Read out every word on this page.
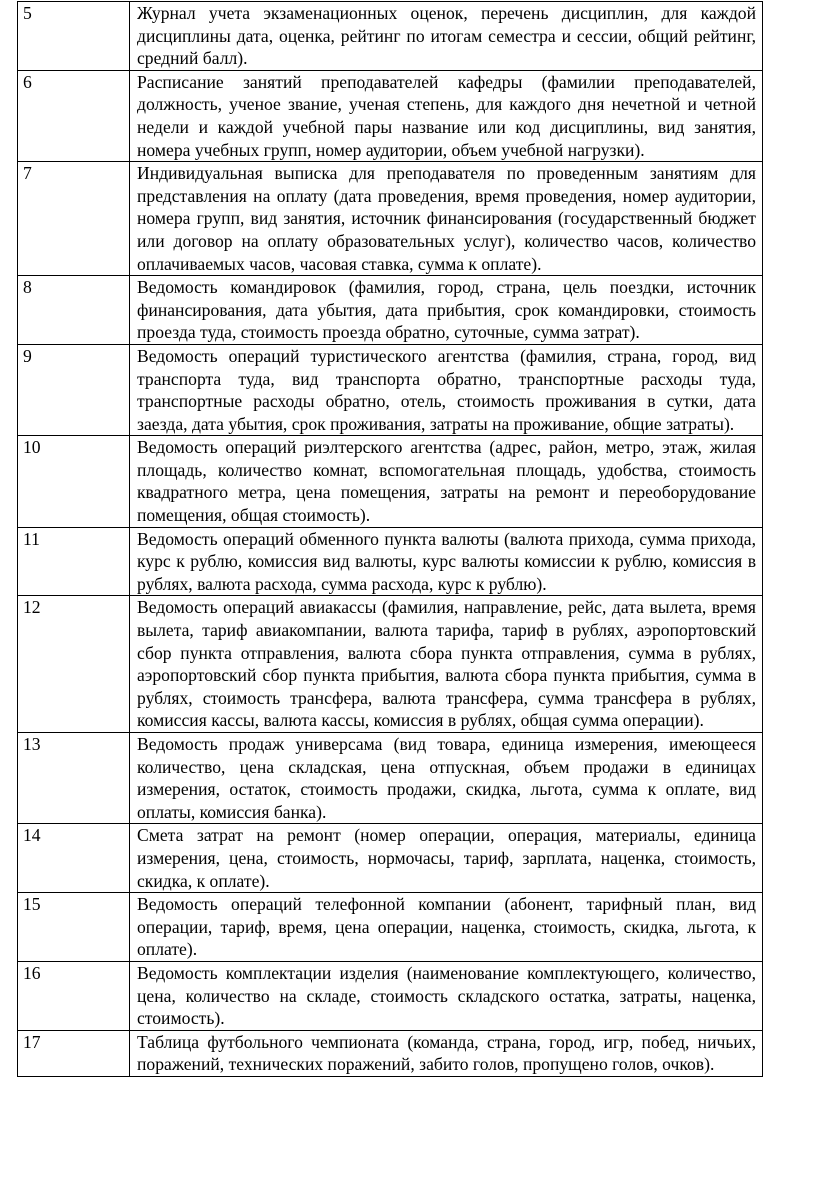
5	Журнал учета экзаменационных оценок, перечень дисциплин, для каждой дисциплины дата, оценка, рейтинг по итогам семестра и сессии, общий рейтинг, средний балл).
6	Расписание занятий преподавателей кафедры (фамилии преподавателей, должность, ученое звание, ученая степень, для каждого дня нечетной и четной недели и каждой учебной пары название или код дисциплины, вид занятия, номера учебных групп, номер аудитории, объем учебной нагрузки).
7	Индивидуальная выписка для преподавателя по проведенным занятиям для представления на оплату (дата проведения, время проведения, номер аудитории, номера групп, вид занятия, источник финансирования (государственный бюджет или договор на оплату образовательных услуг), количество часов, количество оплачиваемых часов, часовая ставка, сумма к оплате).
8	Ведомость командировок (фамилия, город, страна, цель поездки, источник финансирования, дата убытия, дата прибытия, срок командировки, стоимость проезда туда, стоимость проезда обратно, суточные, сумма затрат).
9	Ведомость операций туристического агентства (фамилия, страна, город, вид транспорта туда, вид транспорта обратно, транспортные расходы туда, транспортные расходы обратно, отель, стоимость проживания в сутки, дата заезда, дата убытия, срок проживания, затраты на проживание, общие затраты).
10	Ведомость операций риэлтерского агентства (адрес, район, метро, этаж, жилая площадь, количество комнат, вспомогательная площадь, удобства, стоимость квадратного метра, цена помещения, затраты на ремонт и переоборудование помещения, общая стоимость).
11	Ведомость операций обменного пункта валюты (валюта прихода, сумма прихода, курс к рублю, комиссия вид валюты, курс валюты комиссии к рублю, комиссия в рублях, валюта расхода, сумма расхода, курс к рублю).
12	Ведомость операций авиакассы (фамилия, направление, рейс, дата вылета, время вылета, тариф авиакомпании, валюта тарифа, тариф в рублях, аэропортовский сбор пункта отправления, валюта сбора пункта отправления, сумма в рублях, аэропортовский сбор пункта прибытия, валюта сбора пункта прибытия, сумма в рублях, стоимость трансфера, валюта трансфера, сумма трансфера в рублях, комиссия кассы, валюта кассы, комиссия в рублях, общая сумма операции).
13	Ведомость продаж универсама (вид товара, единица измерения, имеющееся количество, цена складская, цена отпускная, объем продажи в единицах измерения, остаток, стоимость продажи, скидка, льгота, сумма к оплате, вид оплаты, комиссия банка).
14	Смета затрат на ремонт (номер операции, операция, материалы, единица измерения, цена, стоимость, нормочасы, тариф, зарплата, наценка, стоимость, скидка, к оплате).
15	Ведомость операций телефонной компании (абонент, тарифный план, вид операции, тариф, время, цена операции, наценка, стоимость, скидка, льгота, к оплате).
16	Ведомость комплектации изделия (наименование комплектующего, количество, цена, количество на складе, стоимость складского остатка, затраты, наценка, стоимость).
17	Таблица футбольного чемпионата (команда, страна, город, игр, побед, ничьих, поражений, технических поражений, забито голов, пропущено голов, очков).
